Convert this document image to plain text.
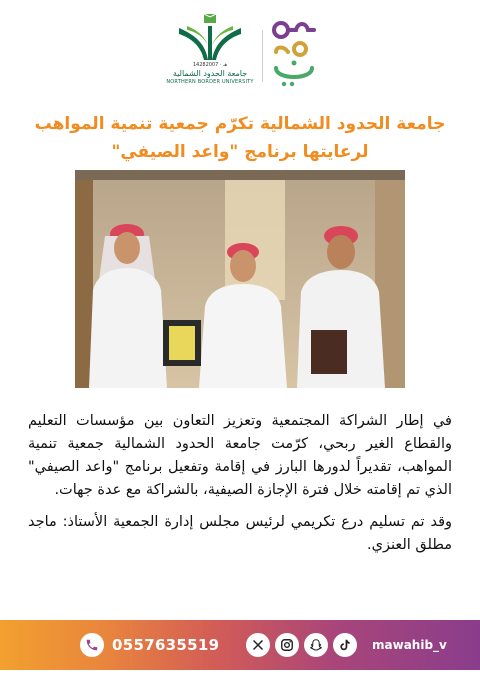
1428هـ · 2007
جامعة الحدود الشمالية
NORTHERN BORDER UNIVERSITY
جامعة الحدود الشمالية تكرّم جمعية تنمية المواهب
لرعايتها برنامج "واعد الصيفي"

في إطار الشراكة المجتمعية وتعزيز التعاون بين مؤسسات التعليم والقطاع الغير ربحي، كرّمت جامعة الحدود الشمالية جمعية تنمية المواهب، تقديراً لدورها البارز في إقامة وتفعيل برنامج "واعد الصيفي" الذي تم إقامته خلال فترة الإجازة الصيفية، بالشراكة مع عدة جهات.

وقد تم تسليم درع تكريمي لرئيس مجلس إدارة الجمعية الأستاذ: ماجد مطلق العنزي.

0557635519	mawahib_v
